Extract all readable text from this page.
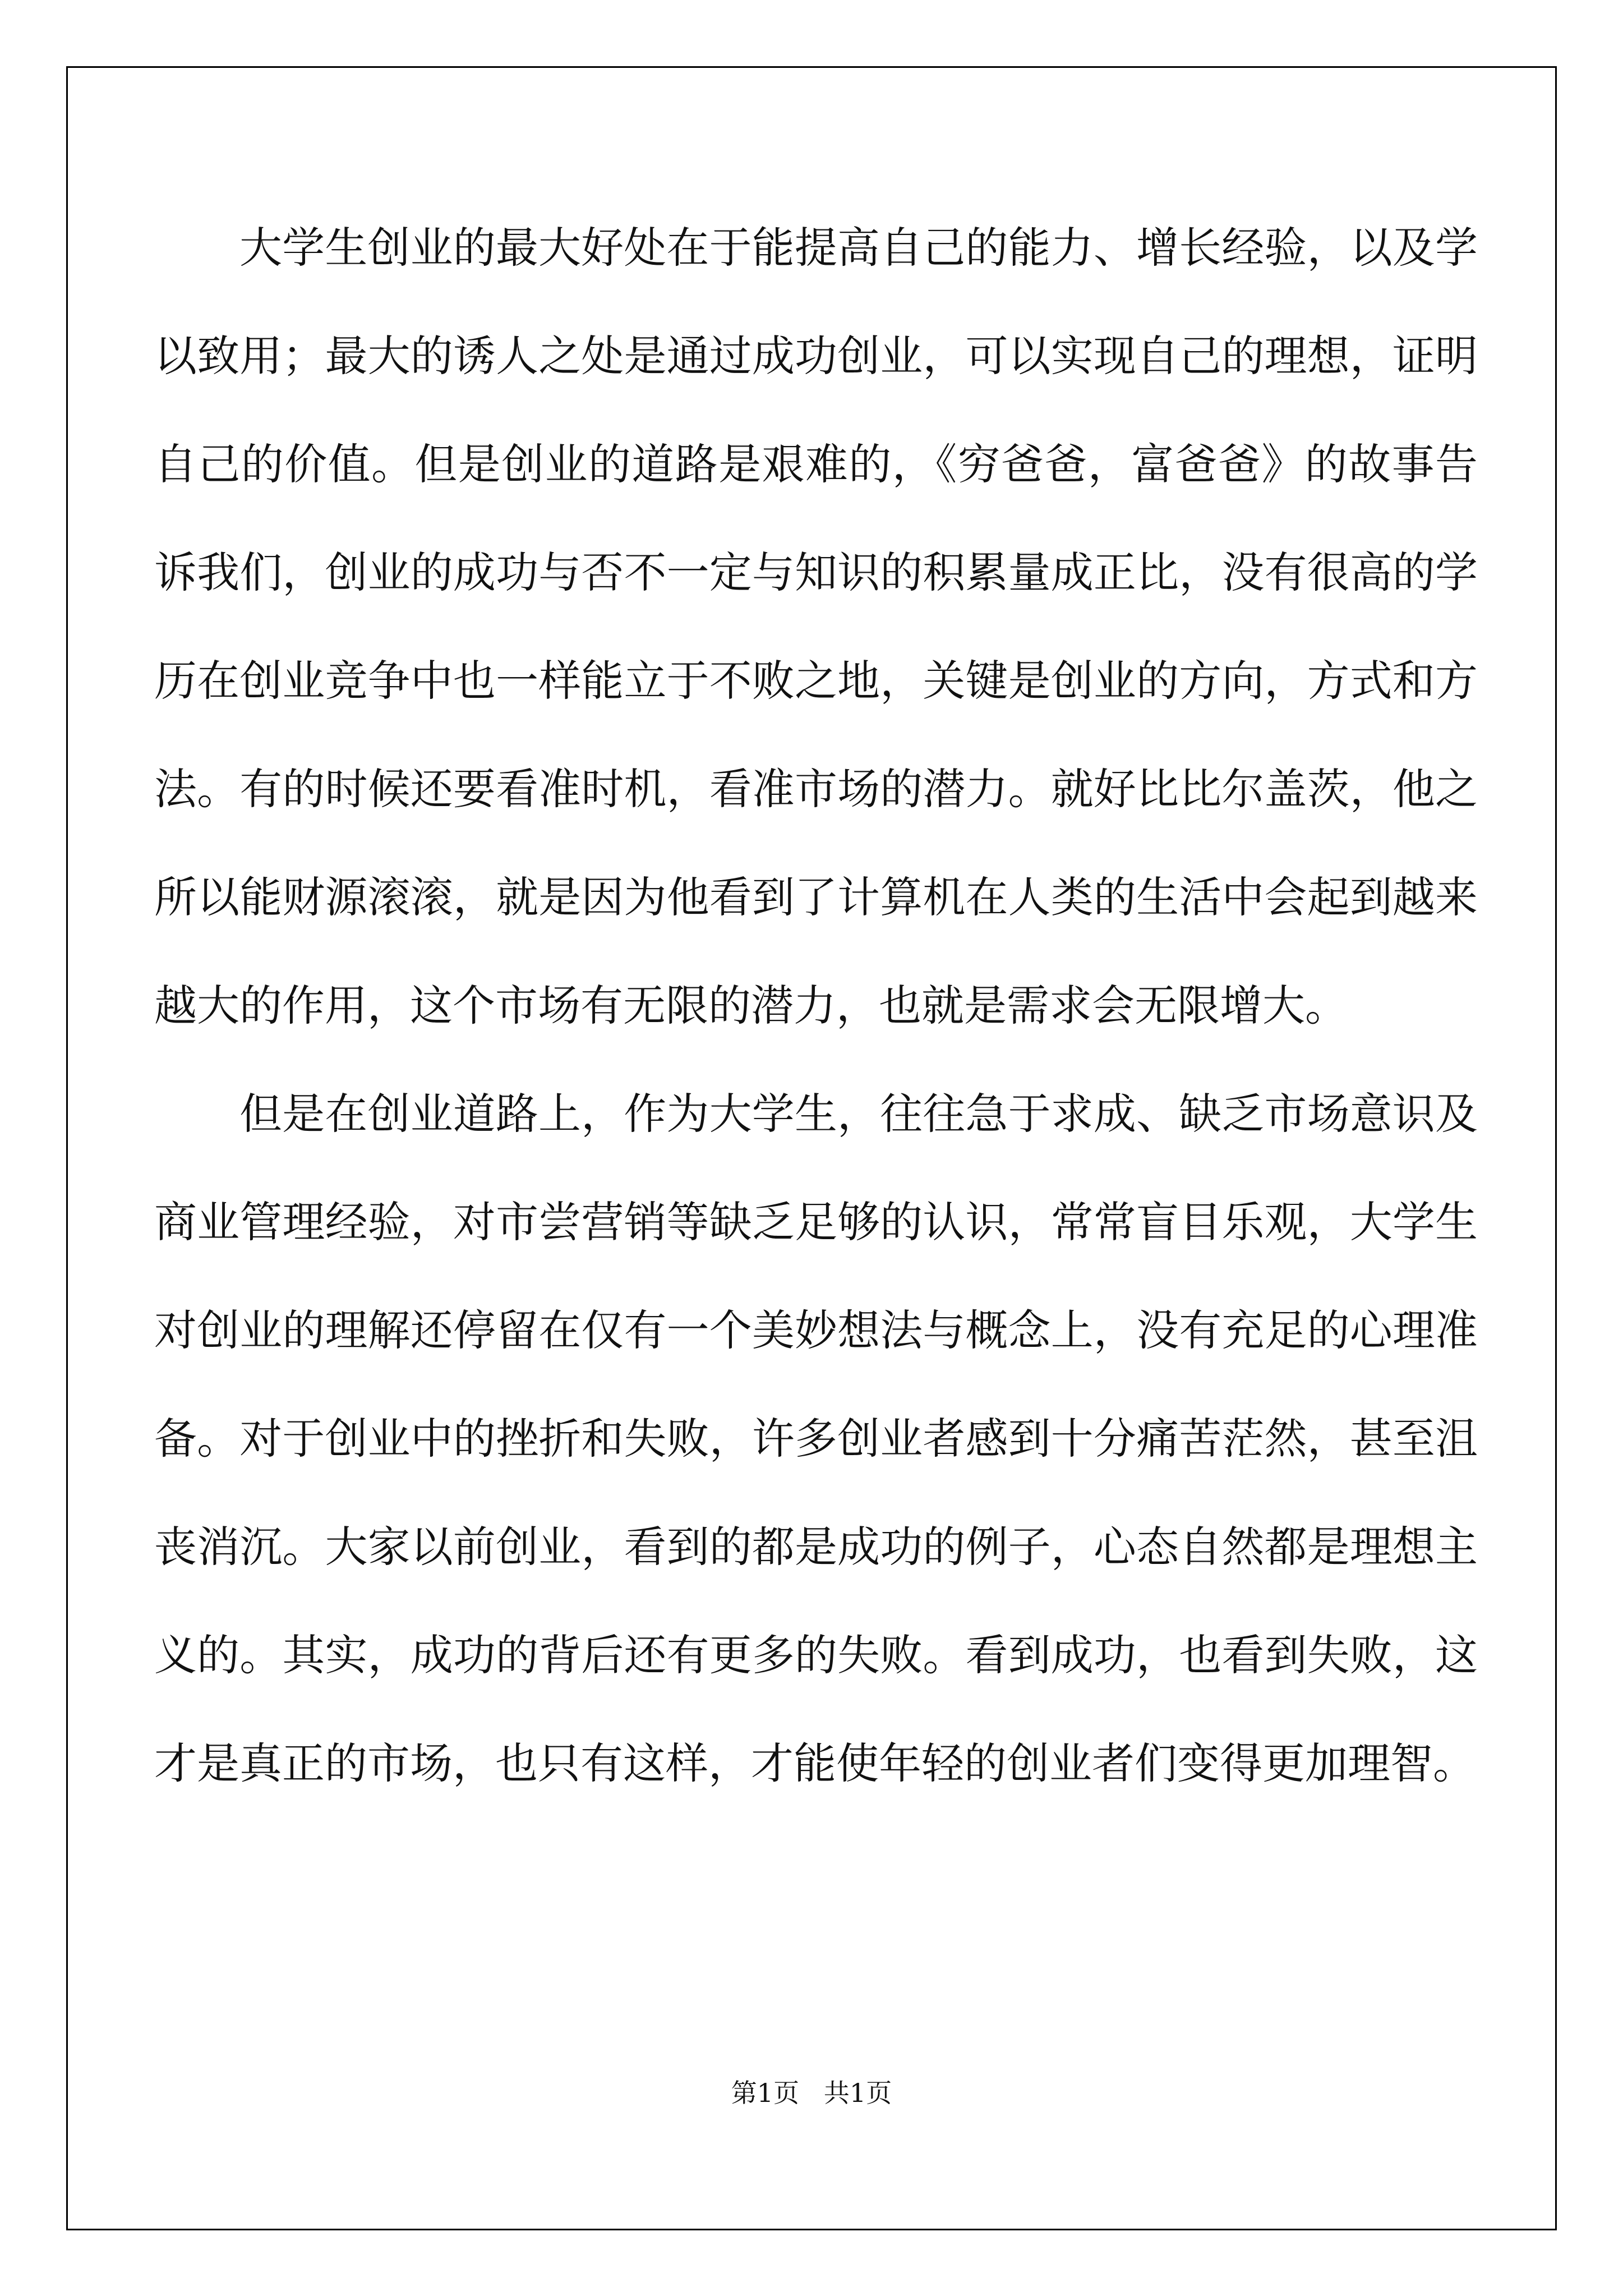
大学生创业的最大好处在于能提高自己的能力、增长经验，以及学以致用；最大的诱人之处是通过成功创业，可以实现自己的理想，证明自己的价值。但是创业的道路是艰难的，《穷爸爸，富爸爸》的故事告诉我们，创业的成功与否不一定与知识的积累量成正比，没有很高的学历在创业竞争中也一样能立于不败之地，关键是创业的方向，方式和方法。有的时候还要看准时机，看准市场的潜力。就好比比尔盖茨，他之所以能财源滚滚，就是因为他看到了计算机在人类的生活中会起到越来越大的作用，这个市场有无限的潜力，也就是需求会无限增大。

但是在创业道路上，作为大学生，往往急于求成、缺乏市场意识及商业管理经验，对市尝营销等缺乏足够的认识，常常盲目乐观，大学生对创业的理解还停留在仅有一个美妙想法与概念上，没有充足的心理准备。对于创业中的挫折和失败，许多创业者感到十分痛苦茫然，甚至沮丧消沉。大家以前创业，看到的都是成功的例子，心态自然都是理想主义的。其实，成功的背后还有更多的失败。看到成功，也看到失败，这才是真正的市场，也只有这样，才能使年轻的创业者们变得更加理智。

第1页   共1页
